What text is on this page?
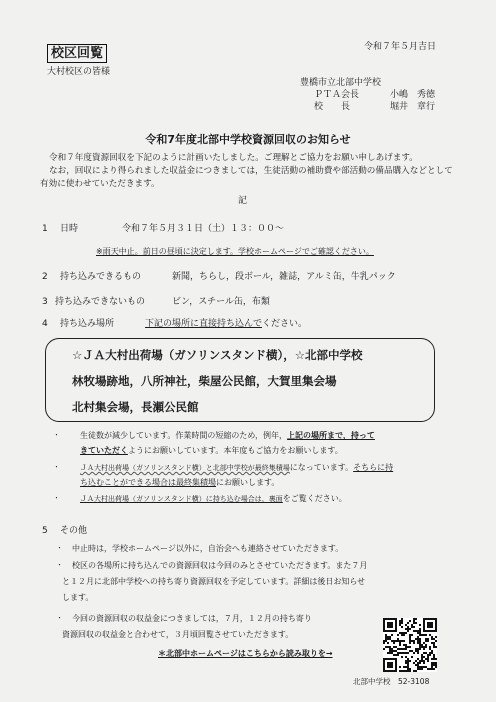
校区回覧
大村校区の皆様
令和７年５月吉日
豊橋市立北部中学校
ＰＴＡ会長	小嶋　秀徳
校　　長	堀井　章行
令和7年度北部中学校資源回収のお知らせ
令和７年度資源回収を下記のように計画いたしました。ご理解とご協力をお願い申しあげます。
なお，回収により得られました収益金につきましては，生徒活動の補助費や部活動の備品購入などとして有効に使わせていただきます。
記
1 日時	令和７年５月３１日（土）１３：００～
※雨天中止。前日の昼頃に決定します。学校ホームページでご確認ください。
2 持ち込みできるもの	新聞，ちらし，段ボール，雑誌，アルミ缶，牛乳パック
3 持ち込みできないもの	ビン，スチール缶，布類
4 持ち込み場所	下記の場所に直接持ち込んでください。
☆ＪＡ大村出荷場（ガソリンスタンド横），☆北部中学校
林牧場跡地，八所神社，柴屋公民館，大賀里集会場
北村集会場，長瀬公民館
・	生徒数が減少しています。作業時間の短縮のため，例年，上記の場所まで，持って
きていただくようにお願いしています。本年度もご協力をお願いします。
・	ＪＡ大村出荷場（ガソリンスタンド横）と北部中学校が最終集積場になっています。そちらに持
ち込むことができる場合は最終集積場にお願いします。
・	ＪＡ大村出荷場（ガソリンスタンド横）に持ち込む場合は，裏面をご覧ください。
5 その他
・ 中止時は，学校ホームページ以外に，自治会へも連絡させていただきます。
・ 校区の各場所に持ち込んでの資源回収は今回のみとさせていただきます。また７月
と１２月に北部中学校への持ち寄り資源回収を予定しています。詳細は後日お知らせ
します。
・ 今回の資源回収の収益金につきましては，７月，１２月の持ち寄り
資源回収の収益金と合わせて，３月頃回覧させていただきます。
＊北部中ホームページはこちらから読み取りを→
北部中学校　52-3108
